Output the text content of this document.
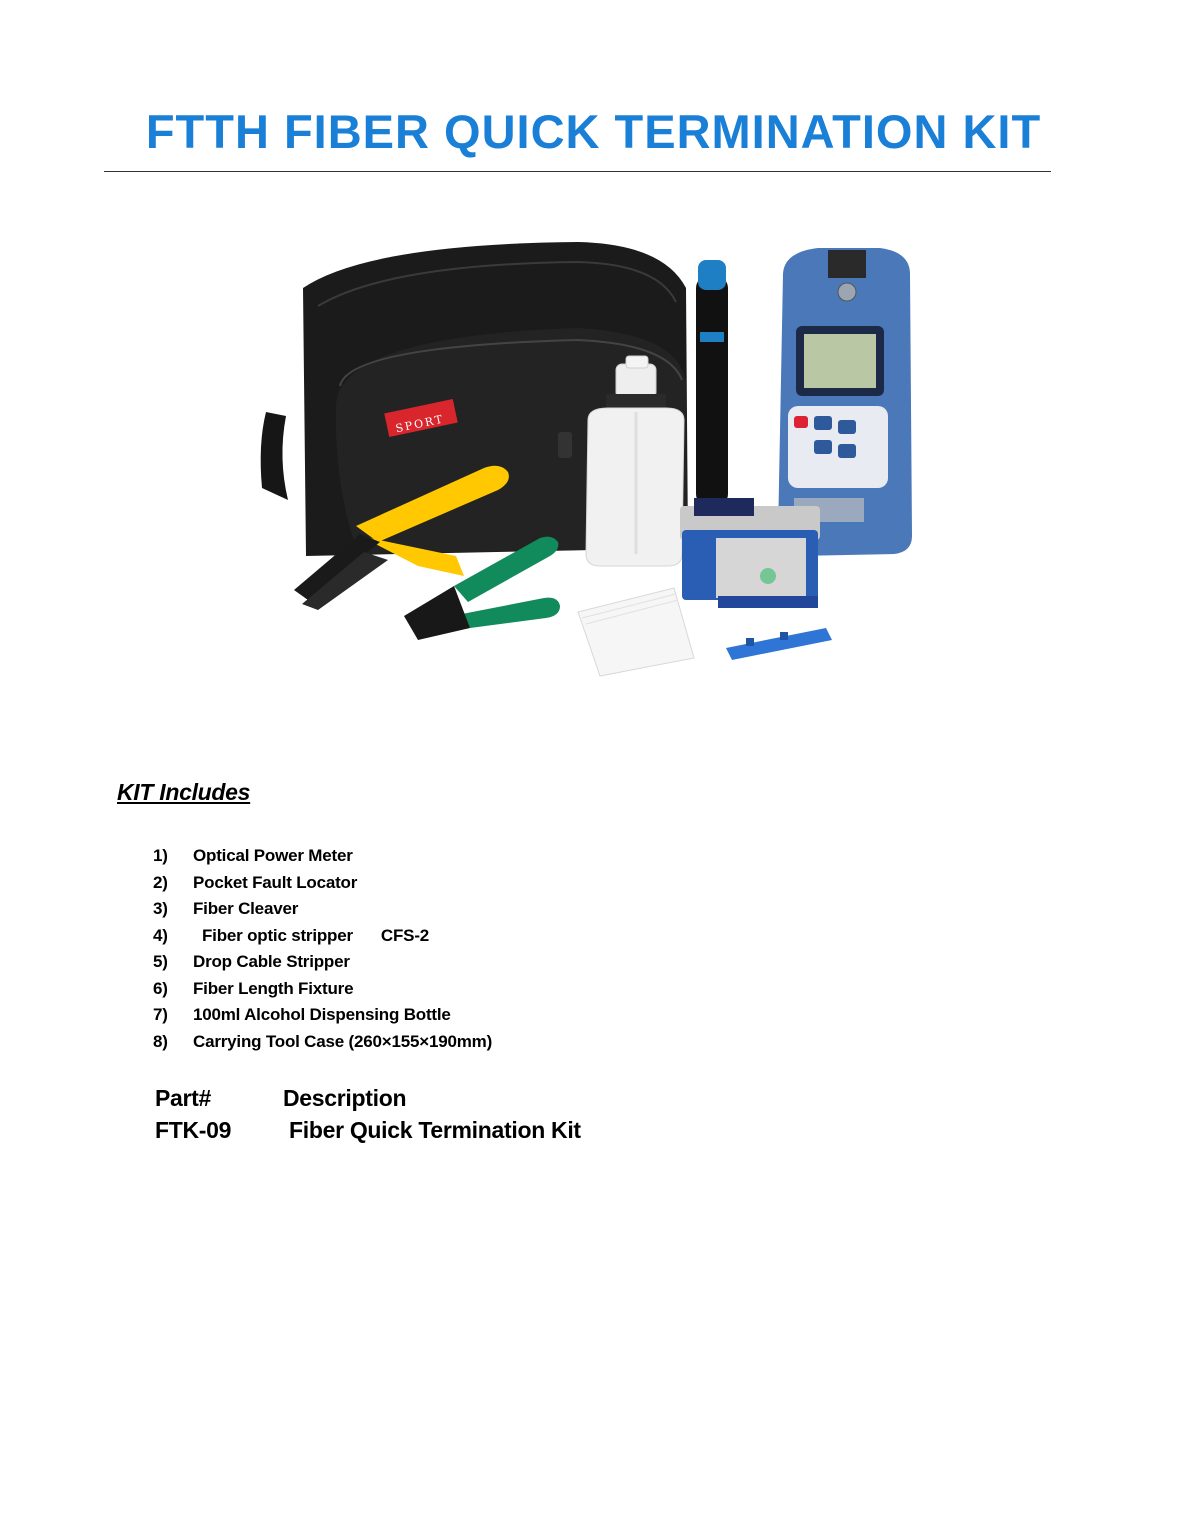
FTTH FIBER QUICK TERMINATION KIT
SPORT
KIT Includes
1) Optical Power Meter
2) Pocket Fault Locator
3) Fiber Cleaver
4) Fiber optic stripper CFS-2
5) Drop Cable Stripper
6) Fiber Length Fixture
7) 100ml Alcohol Dispensing Bottle
8) Carrying Tool Case (260×155×190mm)
Part#	Description
FTK-09	Fiber Quick Termination Kit
